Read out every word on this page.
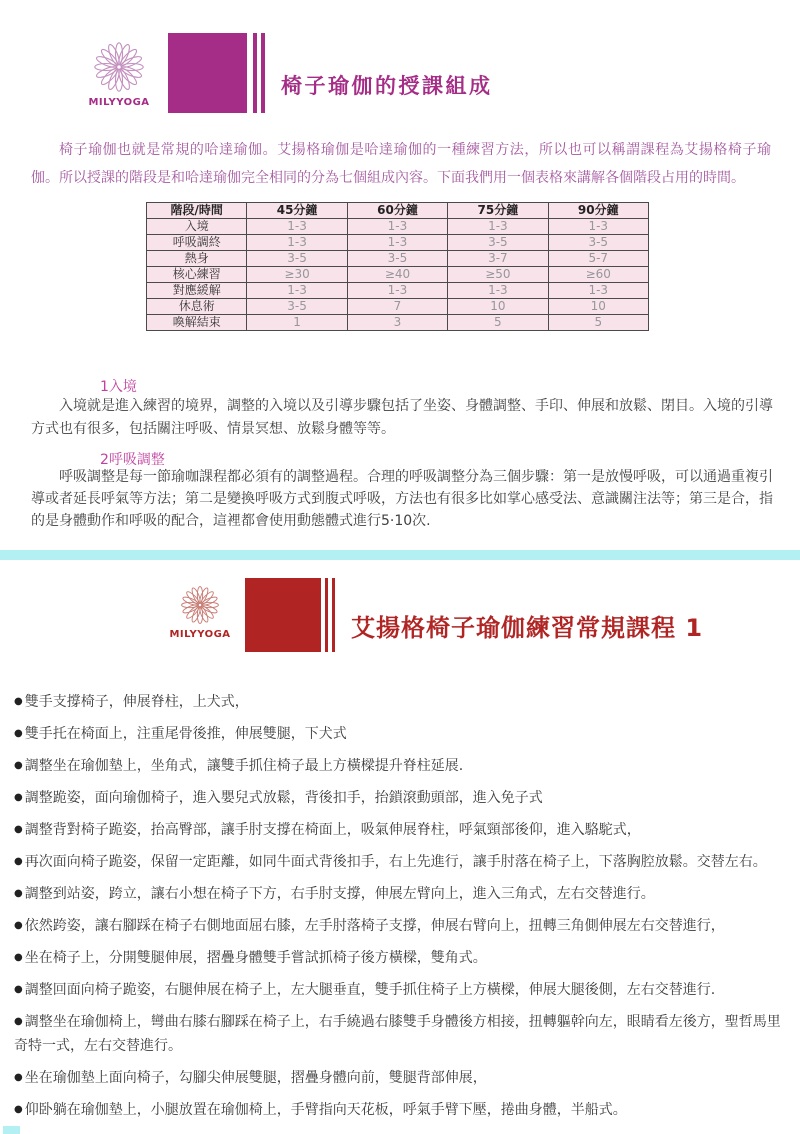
MILYYOGA
椅子瑜伽的授課組成
椅子瑜伽也就是常規的哈達瑜伽。艾揚格瑜伽是哈達瑜伽的一種練習方法，所以也可以稱謂課程為艾揚格椅子瑜伽。所以授課的階段是和哈達瑜伽完全相同的分為七個組成內容。下面我們用一個表格來講解各個階段占用的時間。
階段/時間	45分鐘	60分鐘	75分鐘	90分鐘
入境	1-3	1-3	1-3	1-3
呼吸調終	1-3	1-3	3-5	3-5
熱身	3-5	3-5	3-7	5-7
核心練習	≥30	≥40	≥50	≥60
對應緩解	1-3	1-3	1-3	1-3
休息術	3-5	7	10	10
喚解結束	1	3	5	5
1入境
入境就是進入練習的境界，調整的入境以及引導步驟包括了坐姿、身體調整、手印、伸展和放鬆、閉目。入境的引導方式也有很多，包括關注呼吸、情景冥想、放鬆身體等等。
2呼吸調整
呼吸調整是每一節瑜咖課程都必須有的調整過程。合理的呼吸調整分為三個步驟：第一是放慢呼吸，可以通過重複引導或者延長呼氣等方法；第二是變換呼吸方式到腹式呼吸，方法也有很多比如掌心感受法、意識關注法等；第三是合，指的是身體動作和呼吸的配合，這裡都會使用動態體式進行5·10次.
MILYYOGA	艾揚格椅子瑜伽練習常規課程 1
● 雙手支撐椅子，伸展脊柱，上犬式，
● 雙手托在椅面上，注重尾骨後推，伸展雙腿，下犬式
● 調整坐在瑜伽墊上，坐角式，讓雙手抓住椅子最上方橫樑提升脊柱延展.
● 調整跪姿，面向瑜伽椅子，進入嬰兒式放鬆，背後扣手，抬鎖滾動頭部，進入免子式
● 調整背對椅子跪姿，抬高臀部，讓手肘支撐在椅面上，吸氣伸展脊柱，呼氣頸部後仰，進入駱駝式，
● 再次面向椅子跪姿，保留一定距離，如同牛面式背後扣手，右上先進行，讓手肘落在椅子上，下落胸腔放鬆。交替左右。
● 調整到站姿，跨立，讓右小想在椅子下方，右手肘支撐，伸展左臂向上，進入三角式，左右交替進行。
● 依然跨姿，讓右腳踩在椅子右側地面屈右膝，左手肘落椅子支撐，伸展右臂向上，扭轉三角側伸展左右交替進行，
● 坐在椅子上，分開雙腿伸展，摺疊身體雙手嘗試抓椅子後方橫樑，雙角式。
● 調整回面向椅子跪姿，右腿伸展在椅子上，左大腿垂直，雙手抓住椅子上方橫樑，伸展大腿後側，左右交替進行.
● 調整坐在瑜伽椅上，彎曲右膝右腳踩在椅子上，右手繞過右膝雙手身體後方相接，扭轉軀幹向左，眼睛看左後方，聖哲馬里奇特一式，左右交替進行。
● 坐在瑜伽墊上面向椅子，勾腳尖伸展雙腿，摺疊身體向前，雙腿背部伸展，
● 仰卧躺在瑜伽墊上，小腿放置在瑜伽椅上，手臂指向天花板，呼氣手臂下壓，捲曲身體，半船式。
